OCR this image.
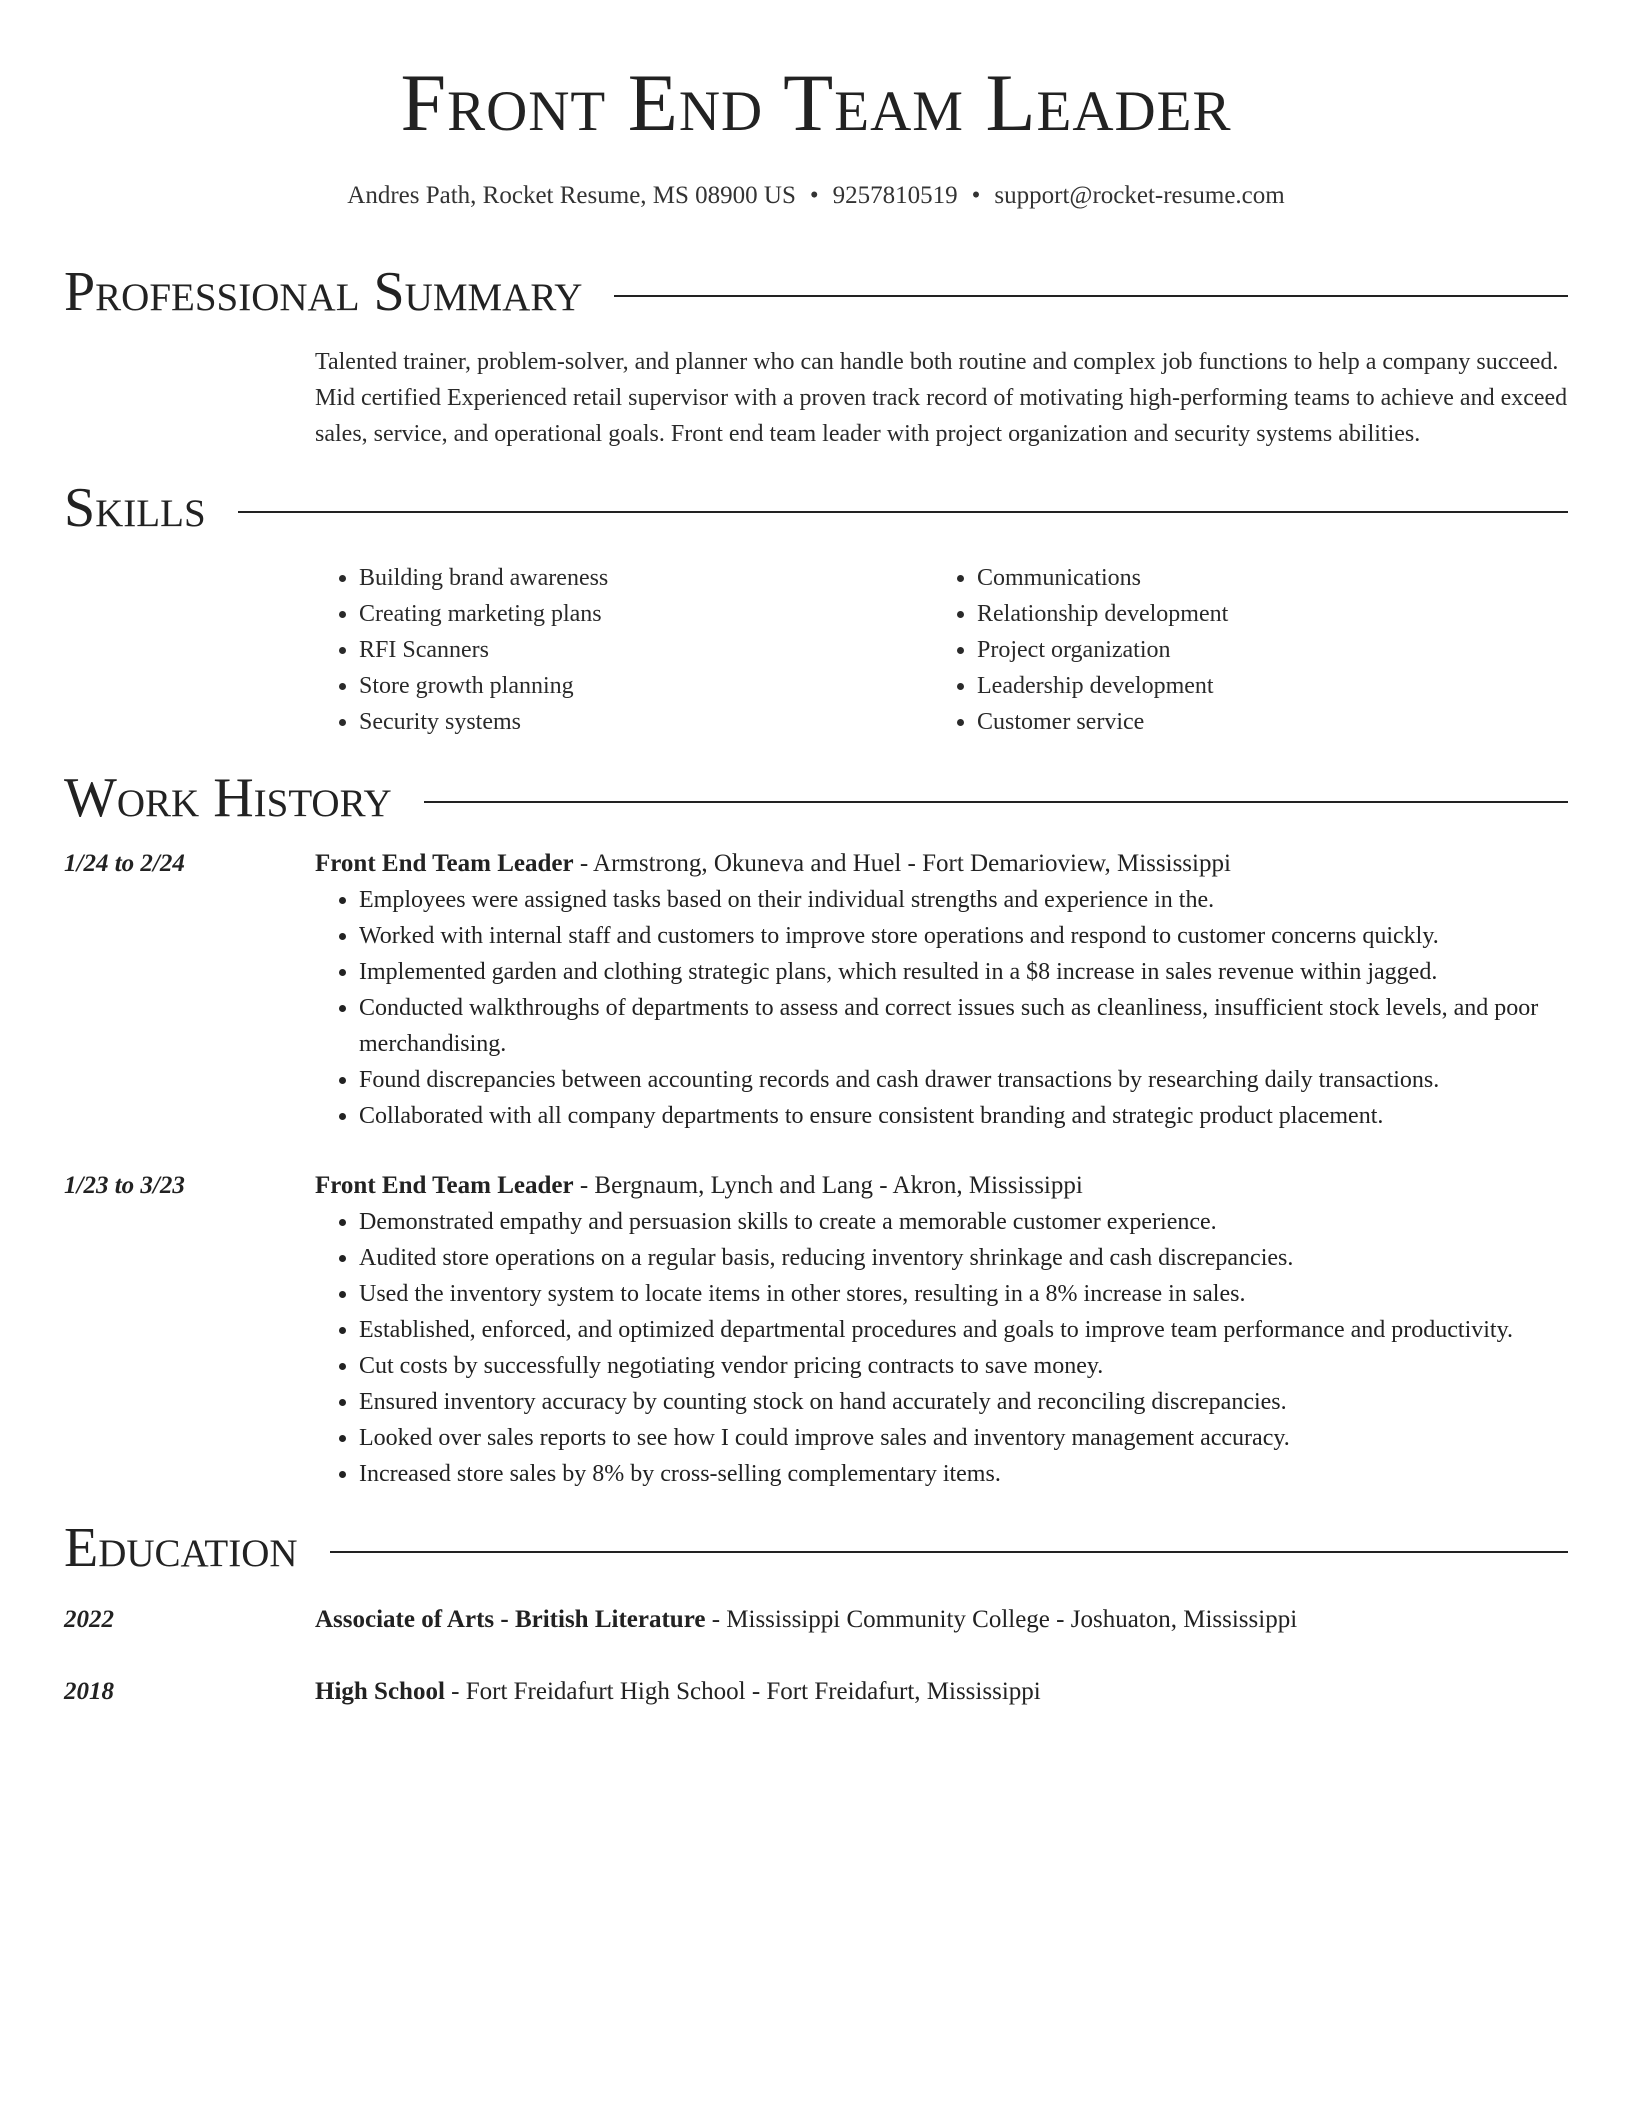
Front End Team Leader
Andres Path, Rocket Resume, MS 08900 US • 9257810519 • support@rocket-resume.com
Professional Summary
Talented trainer, problem-solver, and planner who can handle both routine and complex job functions to help a company succeed. Mid certified Experienced retail supervisor with a proven track record of motivating high-performing teams to achieve and exceed sales, service, and operational goals. Front end team leader with project organization and security systems abilities.
Skills
• Building brand awareness
• Creating marketing plans
• RFI Scanners
• Store growth planning
• Security systems
• Communications
• Relationship development
• Project organization
• Leadership development
• Customer service
Work History
1/24 to 2/24	Front End Team Leader - Armstrong, Okuneva and Huel - Fort Demarioview, Mississippi
• Employees were assigned tasks based on their individual strengths and experience in the.
• Worked with internal staff and customers to improve store operations and respond to customer concerns quickly.
• Implemented garden and clothing strategic plans, which resulted in a $8 increase in sales revenue within jagged.
• Conducted walkthroughs of departments to assess and correct issues such as cleanliness, insufficient stock levels, and poor merchandising.
• Found discrepancies between accounting records and cash drawer transactions by researching daily transactions.
• Collaborated with all company departments to ensure consistent branding and strategic product placement.
1/23 to 3/23	Front End Team Leader - Bergnaum, Lynch and Lang - Akron, Mississippi
• Demonstrated empathy and persuasion skills to create a memorable customer experience.
• Audited store operations on a regular basis, reducing inventory shrinkage and cash discrepancies.
• Used the inventory system to locate items in other stores, resulting in a 8% increase in sales.
• Established, enforced, and optimized departmental procedures and goals to improve team performance and productivity.
• Cut costs by successfully negotiating vendor pricing contracts to save money.
• Ensured inventory accuracy by counting stock on hand accurately and reconciling discrepancies.
• Looked over sales reports to see how I could improve sales and inventory management accuracy.
• Increased store sales by 8% by cross-selling complementary items.
Education
2022	Associate of Arts - British Literature - Mississippi Community College - Joshuaton, Mississippi
2018	High School - Fort Freidafurt High School - Fort Freidafurt, Mississippi
